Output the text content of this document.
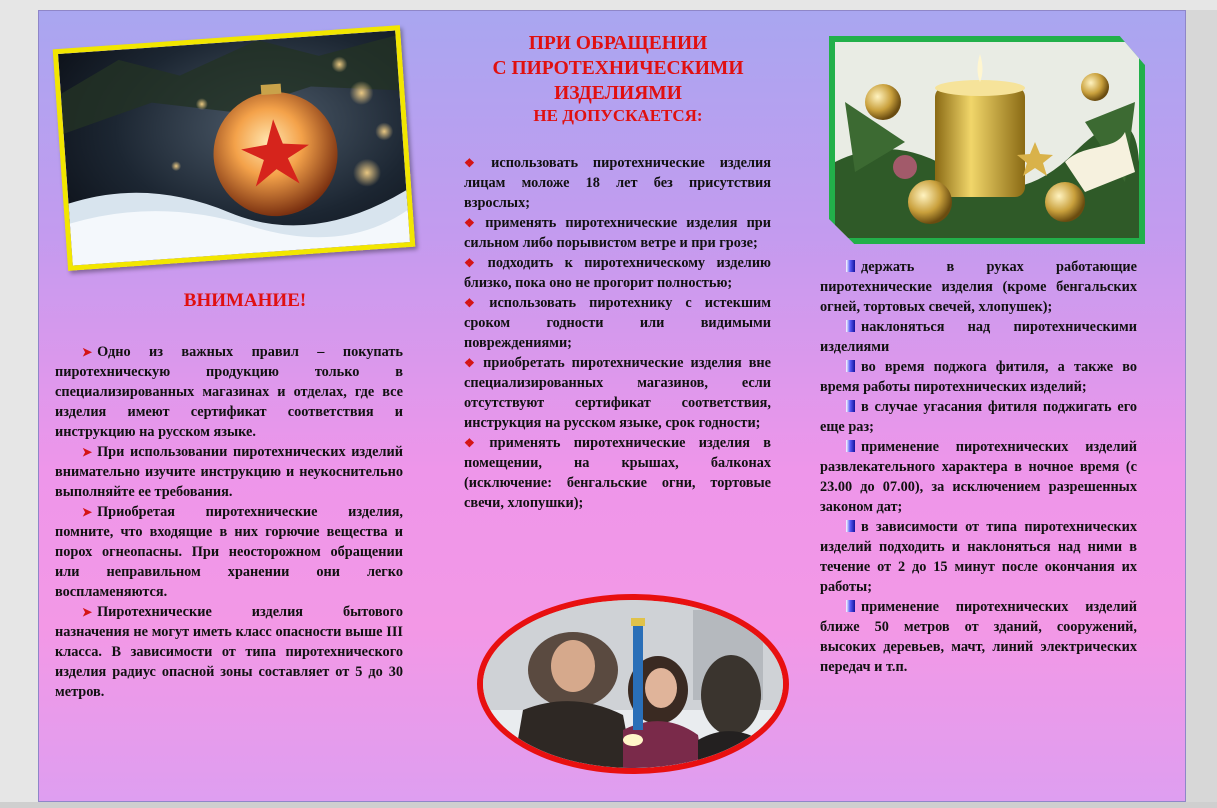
ВНИМАНИЕ!

➤ Одно из важных правил – покупать пиротехническую продукцию только в специализированных магазинах и отделах, где все изделия имеют сертификат соответствия и инструкцию на русском языке.

➤ При использовании пиротехнических изделий внимательно изучите инструкцию и неукоснительно выполняйте ее требования.

➤ Приобретая пиротехнические изделия, помните, что входящие в них горючие вещества и порох огнеопасны. При неосторожном обращении или неправильном хранении они легко воспламеняются.

➤ Пиротехнические изделия бытового назначения не могут иметь класс опасности выше III класса. В зависимости от типа пиротехнического изделия радиус опасной зоны составляет от 5 до 30 метров.

ПРИ ОБРАЩЕНИИ
С ПИРОТЕХНИЧЕСКИМИ
ИЗДЕЛИЯМИ
НЕ ДОПУСКАЕТСЯ:

❖ использовать пиротехнические изделия лицам моложе 18 лет без присутствия взрослых;

❖ применять пиротехнические изделия при сильном либо порывистом ветре и при грозе;

❖ подходить к пиротехническому изделию близко, пока оно не прогорит полностью;

❖ использовать пиротехнику с истекшим сроком годности или видимыми повреждениями;

❖ приобретать пиротехнические изделия вне специализированных магазинов, если отсутствуют сертификат соответствия, инструкция на русском языке, срок годности;

❖ применять пиротехнические изделия в помещении, на крышах, балконах (исключение: бенгальские огни, тортовые свечи, хлопушки);

держать в руках работающие пиротехнические изделия (кроме бенгальских огней, тортовых свечей, хлопушек);

наклоняться над пиротехническими изделиями

во время поджога фитиля, а также во время работы пиротехнических изделий;

в случае угасания фитиля поджигать его еще раз;

применение пиротехнических изделий развлекательного характера в ночное время (с 23.00 до 07.00), за исключением разрешенных законом дат;

в зависимости от типа пиротехнических изделий подходить и наклоняться над ними в течение от 2 до 15 минут после окончания их работы;

применение пиротехнических изделий ближе 50 метров от зданий, сооружений, высоких деревьев, мачт, линий электрических передач и т.п.
